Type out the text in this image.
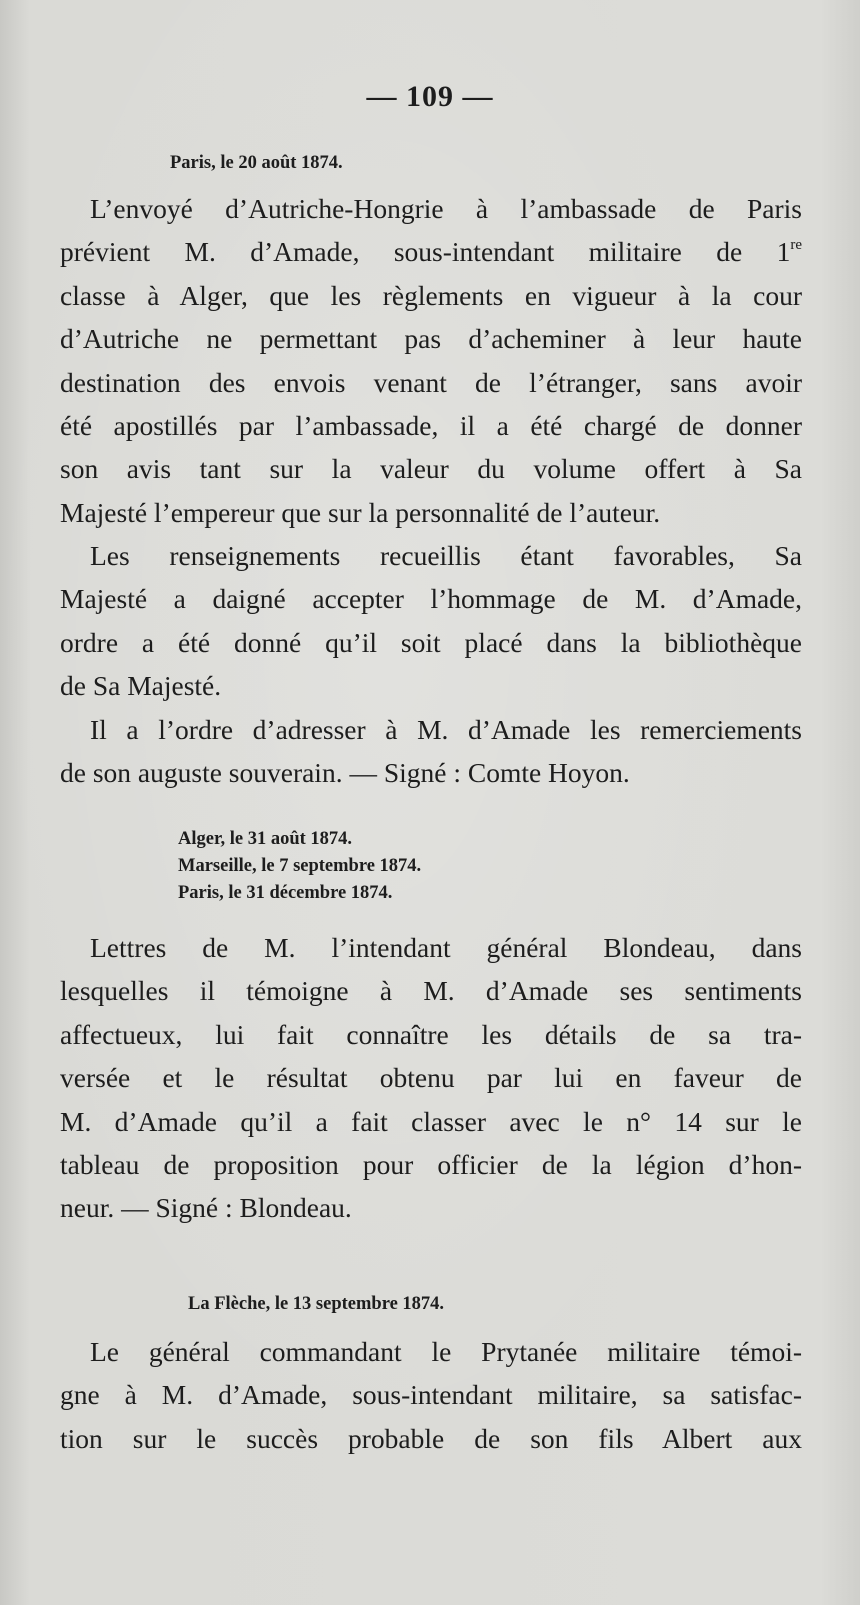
— 109 —
Paris, le 20 août 1874.
L’envoyé d’Autriche-Hongrie à l’ambassade de Paris
prévient M. d’Amade, sous-intendant militaire de 1re
classe à Alger, que les règlements en vigueur à la cour
d’Autriche ne permettant pas d’acheminer à leur haute
destination des envois venant de l’étranger, sans avoir
été apostillés par l’ambassade, il a été chargé de donner
son avis tant sur la valeur du volume offert à Sa
Majesté l’empereur que sur la personnalité de l’auteur.
Les renseignements recueillis étant favorables, Sa
Majesté a daigné accepter l’hommage de M. d’Amade,
ordre a été donné qu’il soit placé dans la bibliothèque
de Sa Majesté.
Il a l’ordre d’adresser à M. d’Amade les remerciements
de son auguste souverain. — Signé : Comte Hoyon.
Alger, le 31 août 1874.
Marseille, le 7 septembre 1874.
Paris, le 31 décembre 1874.
Lettres de M. l’intendant général Blondeau, dans
lesquelles il témoigne à M. d’Amade ses sentiments
affectueux, lui fait connaître les détails de sa tra-
versée et le résultat obtenu par lui en faveur de
M. d’Amade qu’il a fait classer avec le n° 14 sur le
tableau de proposition pour officier de la légion d’hon-
neur. — Signé : Blondeau.
La Flèche, le 13 septembre 1874.
Le général commandant le Prytanée militaire témoi-
gne à M. d’Amade, sous-intendant militaire, sa satisfac-
tion sur le succès probable de son fils Albert aux
